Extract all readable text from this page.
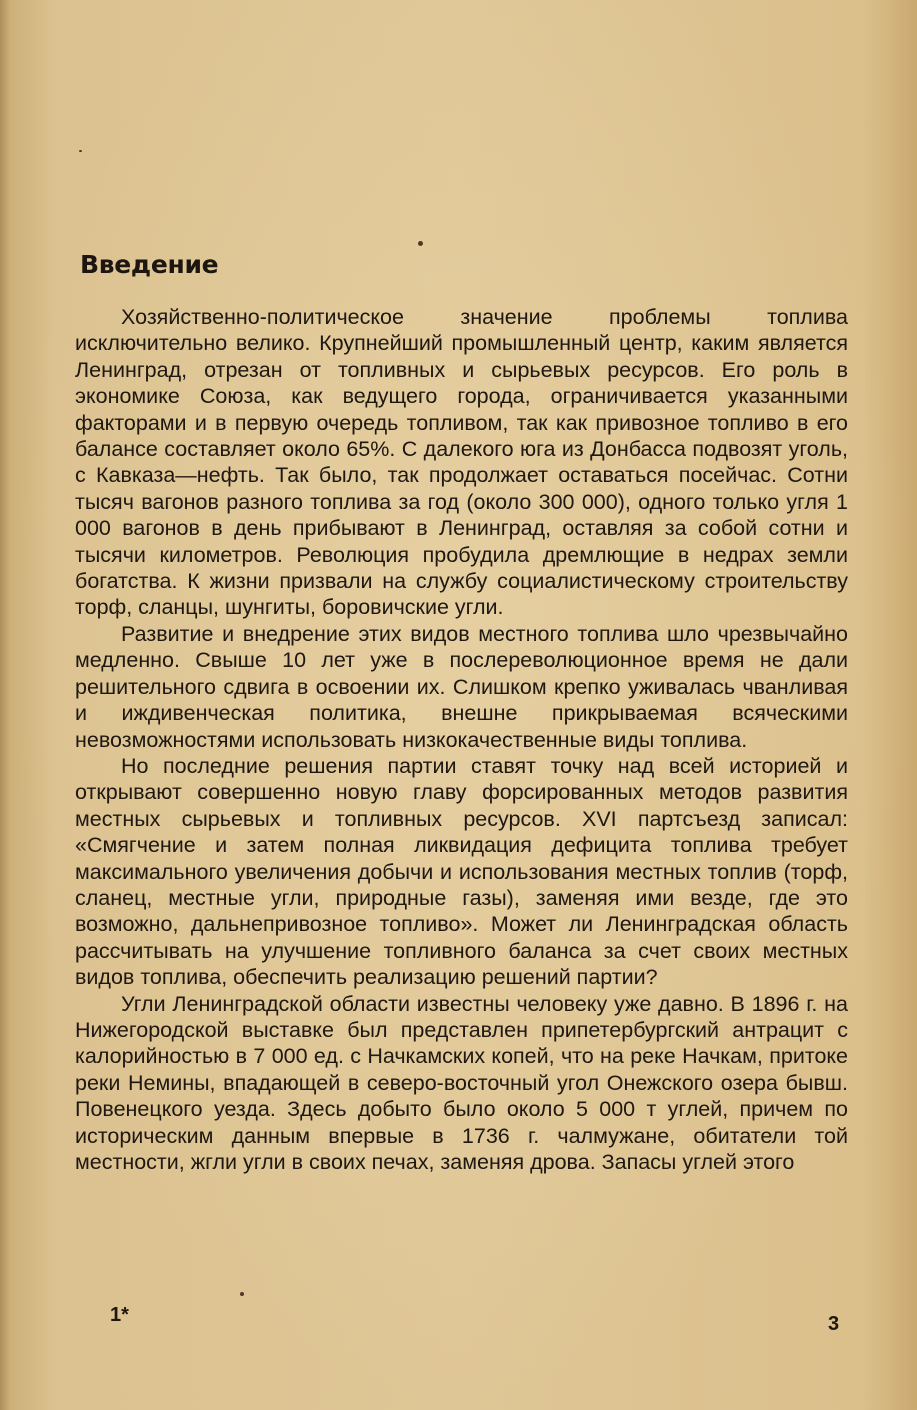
Введение

Хозяйственно-политическое значение проблемы топлива исключительно велико. Крупнейший промышленный центр, каким является Ленинград, отрезан от топливных и сырьевых ресурсов. Его роль в экономике Союза, как ведущего города, ограничивается указанными факторами и в первую очередь топливом, так как привозное топливо в его балансе составляет около 65%. С далекого юга из Донбасса подвозят уголь, с Кавказа—нефть. Так было, так продолжает оставаться посейчас. Сотни тысяч вагонов разного топлива за год (около 300 000), одного только угля 1 000 вагонов в день прибывают в Ленинград, оставляя за собой сотни и тысячи километров. Революция пробудила дремлющие в недрах земли богатства. К жизни призвали на службу социалистическому строительству торф, сланцы, шунгиты, боровичские угли.

Развитие и внедрение этих видов местного топлива шло чрезвычайно медленно. Свыше 10 лет уже в послереволюционное время не дали решительного сдвига в освоении их. Слишком крепко уживалась чванливая и иждивенческая политика, внешне прикрываемая всяческими невозможностями использовать низкокачественные виды топлива.

Но последние решения партии ставят точку над всей историей и открывают совершенно новую главу форсированных методов развития местных сырьевых и топливных ресурсов. XVI партсъезд записал: «Смягчение и затем полная ликвидация дефицита топлива требует максимального увеличения добычи и использования местных топлив (торф, сланец, местные угли, природные газы), заменяя ими везде, где это возможно, дальнепривозное топливо». Может ли Ленинградская область рассчитывать на улучшение топливного баланса за счет своих местных видов топлива, обеспечить реализацию решений партии?

Угли Ленинградской области известны человеку уже давно. В 1896 г. на Нижегородской выставке был представлен припетербургский антрацит с калорийностью в 7 000 ед. с Начкамских копей, что на реке Начкам, притоке реки Немины, впадающей в северо-восточный угол Онежского озера бывш. Повенецкого уезда. Здесь добыто было около 5 000 т углей, причем по историческим данным впервые в 1736 г. чалмужане, обитатели той местности, жгли угли в своих печах, заменяя дрова. Запасы углей этого

1*	3
